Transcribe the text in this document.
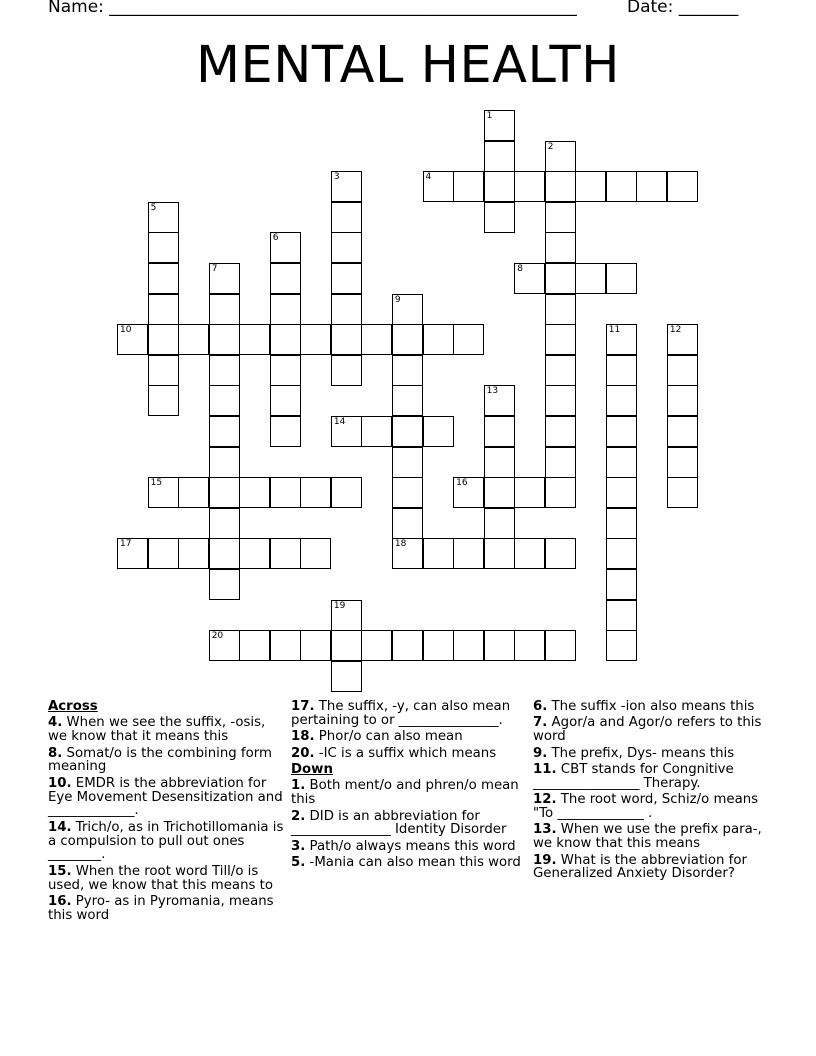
Name: _______________________________________________________	Date: _______
MENTAL HEALTH
1
2
3	4
5
6
7	8
9
18
10	11	12
13
14
15	16
17
19
20
Across
4. When we see the suffix, -osis, we know that it means this
8. Somat/o is the combining form meaning
10. EMDR is the abbreviation for Eye Movement Desensitization and _____________.
14. Trich/o, as in Trichotillomania is a compulsion to pull out ones ________.
15. When the root word Till/o is used, we know that this means to
16. Pyro- as in Pyromania, means this word
17. The suffix, -y, can also mean pertaining to or _______________.
18. Phor/o can also mean
20. -IC is a suffix which means
Down
1. Both ment/o and phren/o mean this
2. DID is an abbreviation for _______________ Identity Disorder
3. Path/o always means this word
5. -Mania can also mean this word
6. The suffix -ion also means this
7. Agor/a and Agor/o refers to this word
9. The prefix, Dys- means this
11. CBT stands for Congnitive ________________ Therapy.
12. The root word, Schiz/o means "To _____________ .
13. When we use the prefix para-, we know that this means
19. What is the abbreviation for Generalized Anxiety Disorder?
